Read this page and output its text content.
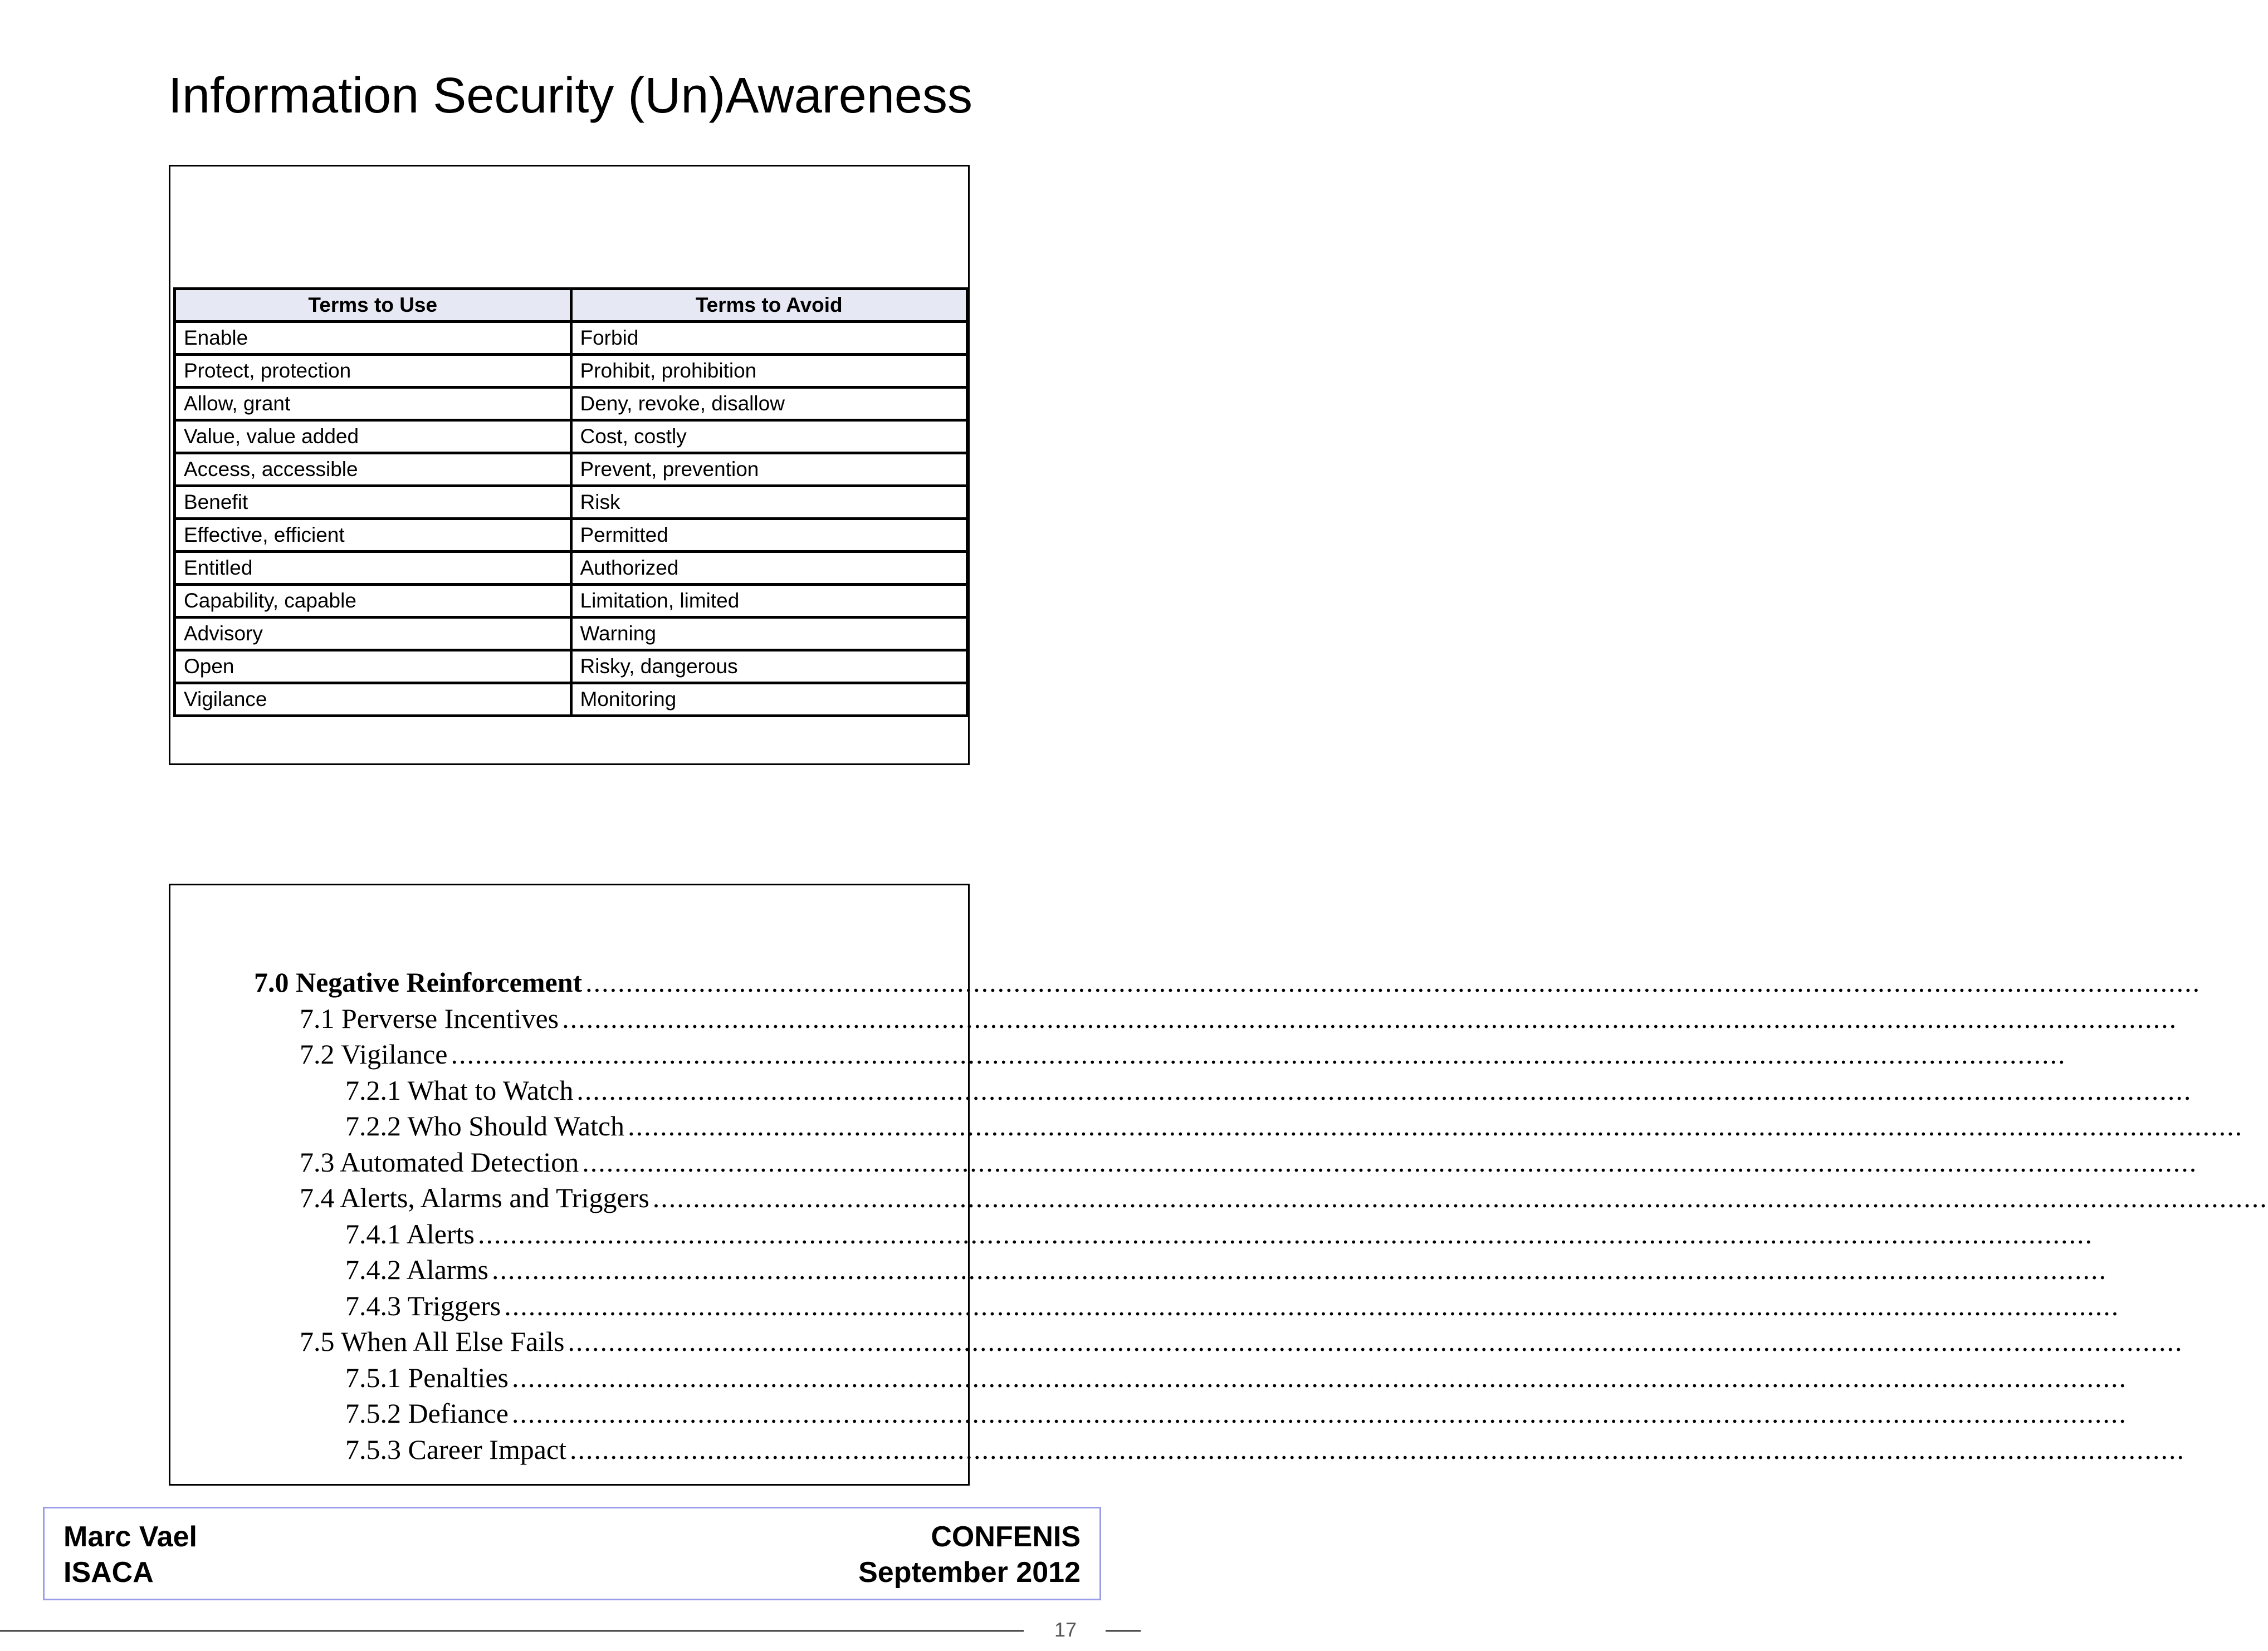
Information Security (Un)Awareness
Terms to Use	Terms to Avoid
Enable	Forbid
Protect, protection	Prohibit, prohibition
Allow, grant	Deny, revoke, disallow
Value, value added	Cost, costly
Access, accessible	Prevent, prevention
Benefit	Risk
Effective, efficient	Permitted
Entitled	Authorized
Capability, capable	Limitation, limited
Advisory	Warning
Open	Risky, dangerous
Vigilance	Monitoring
7.0 Negative Reinforcement ........................................................................................................................................................................................................
7.1 Perverse Incentives ........................................................................................................................................................................................................
7.2 Vigilance ........................................................................................................................................................................................................
7.2.1 What to Watch ........................................................................................................................................................................................................
7.2.2 Who Should Watch ........................................................................................................................................................................................................
7.3 Automated Detection ........................................................................................................................................................................................................
7.4 Alerts, Alarms and Triggers ........................................................................................................................................................................................................
7.4.1 Alerts ........................................................................................................................................................................................................
7.4.2 Alarms ........................................................................................................................................................................................................
7.4.3 Triggers ........................................................................................................................................................................................................
7.5 When All Else Fails ........................................................................................................................................................................................................
7.5.1 Penalties ........................................................................................................................................................................................................
7.5.2 Defiance ........................................................................................................................................................................................................
7.5.3 Career Impact ........................................................................................................................................................................................................
Marc Vael
ISACA
CONFENIS
September 2012
17
